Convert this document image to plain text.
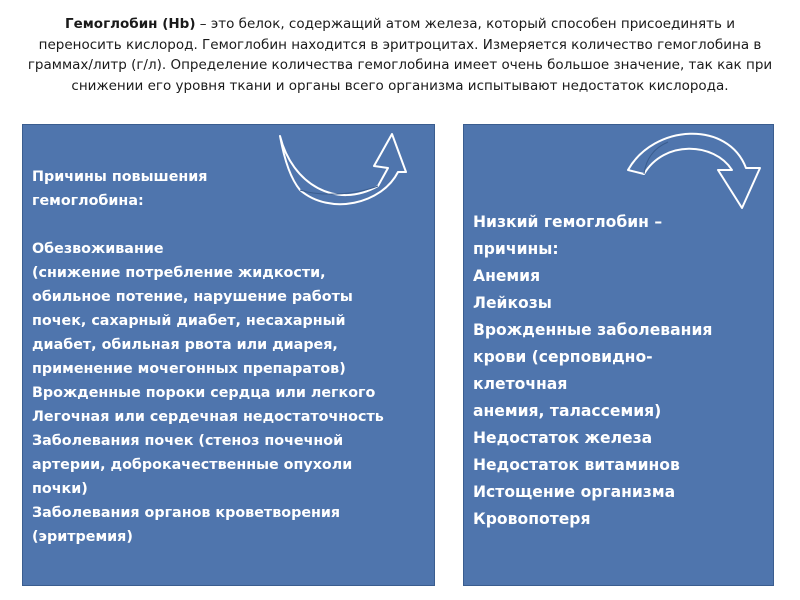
Гемоглобин (Hb) – это белок, содержащий атом железа, который способен присоединять и переносить кислород. Гемоглобин находится в эритроцитах. Измеряется количество гемоглобина в граммах/литр (г/л). Определение количества гемоглобина имеет очень большое значение, так как при снижении его уровня ткани и органы всего организма испытывают недостаток кислорода.
Причины повышения
гемоглобина:

Обезвоживание
(снижение потребление жидкости,
обильное потение, нарушение работы
почек, сахарный диабет, несахарный
диабет, обильная рвота или диарея,
применение мочегонных препаратов)
Врожденные пороки сердца или легкого
Легочная или сердечная недостаточность
Заболевания почек (стеноз почечной
артерии, доброкачественные опухоли
почки)
Заболевания органов кроветворения
(эритремия)
Низкий гемоглобин –
причины:
Анемия
Лейкозы
Врожденные заболевания
крови (серповидно-
клеточная
анемия, талассемия)
Недостаток железа
Недостаток витаминов
Истощение организма
Кровопотеря
